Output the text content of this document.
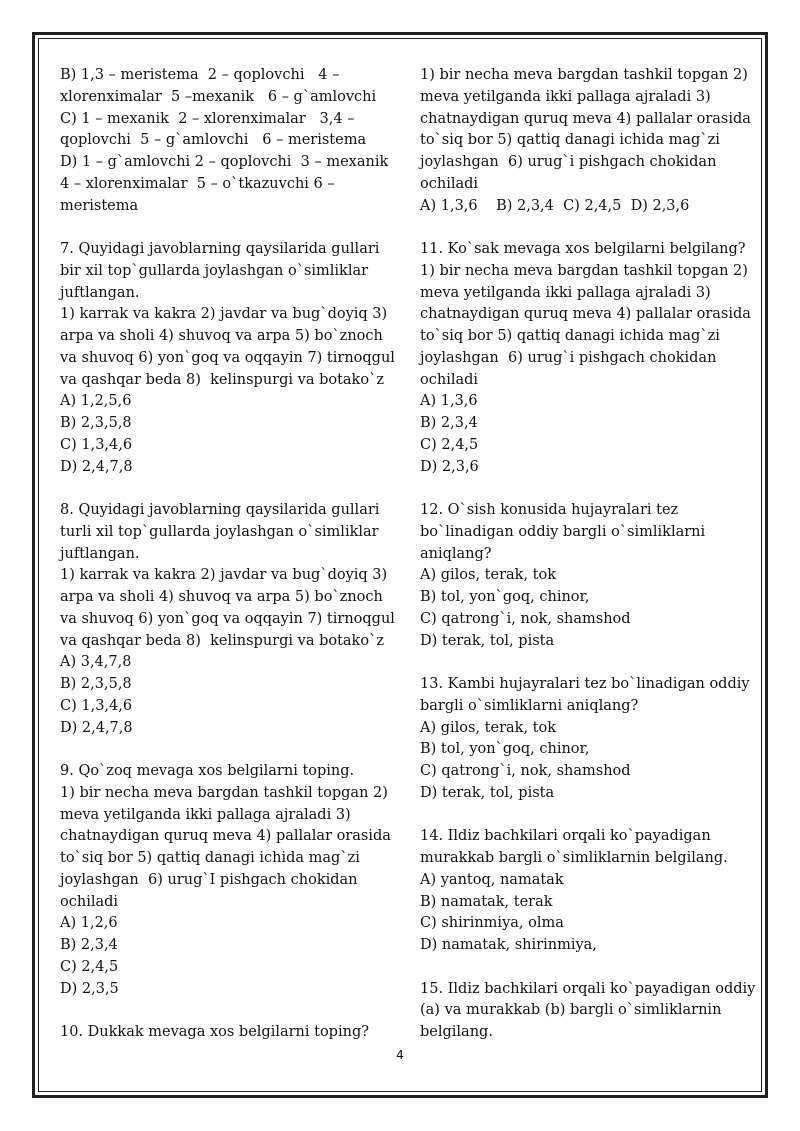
B) 1,3 – meristema  2 – qoplovchi   4 –
xlorenximalar  5 –mexanik   6 – g`amlovchi
C) 1 – mexanik  2 – xlorenximalar   3,4 –
qoplovchi  5 – g`amlovchi   6 – meristema
D) 1 – g`amlovchi 2 – qoplovchi  3 – mexanik
4 – xlorenximalar  5 – o`tkazuvchi 6 –
meristema
7. Quyidagi javoblarning qaysilarida gullari
bir xil top`gullarda joylashgan o`simliklar
juftlangan.
1) karrak va kakra 2) javdar va bug`doyiq 3)
arpa va sholi 4) shuvoq va arpa 5) bo`znoch
va shuvoq 6) yon`goq va oqqayin 7) tirnoqgul
va qashqar beda 8)  kelinspurgi va botako`z
A) 1,2,5,6
B) 2,3,5,8
C) 1,3,4,6
D) 2,4,7,8
8. Quyidagi javoblarning qaysilarida gullari
turli xil top`gullarda joylashgan o`simliklar
juftlangan.
1) karrak va kakra 2) javdar va bug`doyiq 3)
arpa va sholi 4) shuvoq va arpa 5) bo`znoch
va shuvoq 6) yon`goq va oqqayin 7) tirnoqgul
va qashqar beda 8)  kelinspurgi va botako`z
A) 3,4,7,8
B) 2,3,5,8
C) 1,3,4,6
D) 2,4,7,8
9. Qo`zoq mevaga xos belgilarni toping.
1) bir necha meva bargdan tashkil topgan 2)
meva yetilganda ikki pallaga ajraladi 3)
chatnaydigan quruq meva 4) pallalar orasida
to`siq bor 5) qattiq danagi ichida mag`zi
joylashgan  6) urug`I pishgach chokidan
ochiladi
A) 1,2,6
B) 2,3,4
C) 2,4,5
D) 2,3,5
10. Dukkak mevaga xos belgilarni toping?
1) bir necha meva bargdan tashkil topgan 2)
meva yetilganda ikki pallaga ajraladi 3)
chatnaydigan quruq meva 4) pallalar orasida
to`siq bor 5) qattiq danagi ichida mag`zi
joylashgan  6) urug`i pishgach chokidan
ochiladi
A) 1,3,6    B) 2,3,4  C) 2,4,5  D) 2,3,6
11. Ko`sak mevaga xos belgilarni belgilang?
1) bir necha meva bargdan tashkil topgan 2)
meva yetilganda ikki pallaga ajraladi 3)
chatnaydigan quruq meva 4) pallalar orasida
to`siq bor 5) qattiq danagi ichida mag`zi
joylashgan  6) urug`i pishgach chokidan
ochiladi
A) 1,3,6
B) 2,3,4
C) 2,4,5
D) 2,3,6
12. O`sish konusida hujayralari tez
bo`linadigan oddiy bargli o`simliklarni
aniqlang?
A) gilos, terak, tok
B) tol, yon`goq, chinor,
C) qatrong`i, nok, shamshod
D) terak, tol, pista
13. Kambi hujayralari tez bo`linadigan oddiy
bargli o`simliklarni aniqlang?
A) gilos, terak, tok
B) tol, yon`goq, chinor,
C) qatrong`i, nok, shamshod
D) terak, tol, pista
14. Ildiz bachkilari orqali ko`payadigan
murakkab bargli o`simliklarnin belgilang.
A) yantoq, namatak
B) namatak, terak
C) shirinmiya, olma
D) namatak, shirinmiya,
15. Ildiz bachkilari orqali ko`payadigan oddiy
(a) va murakkab (b) bargli o`simliklarnin
belgilang.
4
